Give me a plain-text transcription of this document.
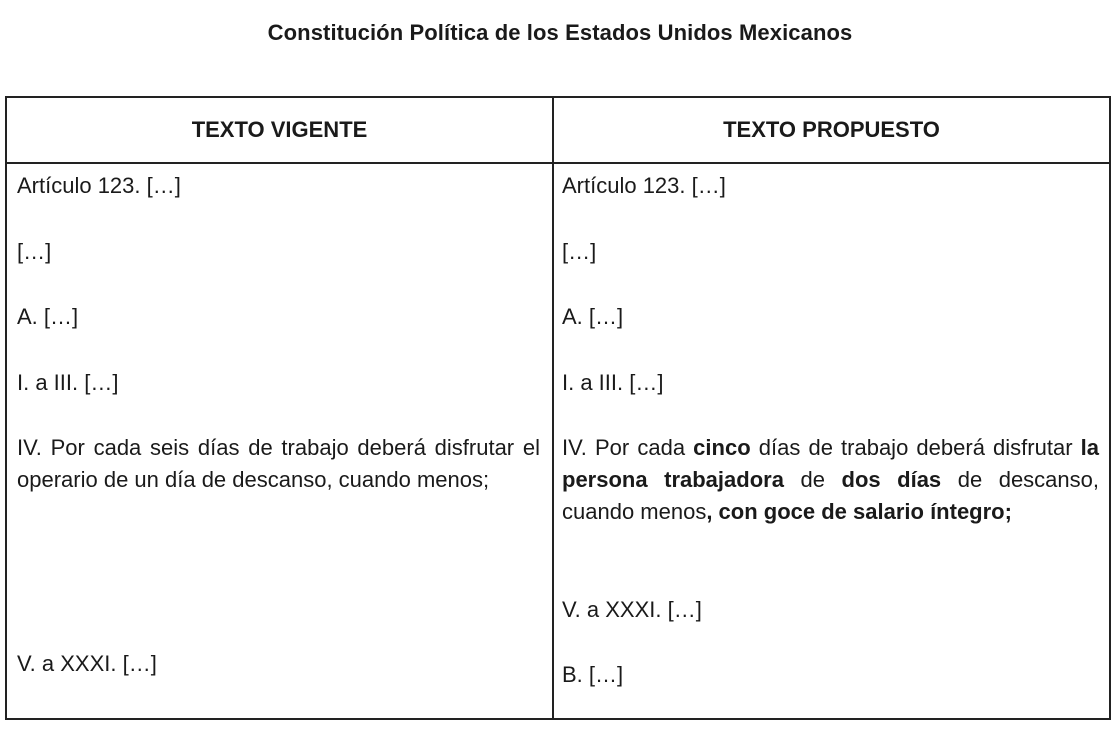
Constitución Política de los Estados Unidos Mexicanos
TEXTO VIGENTE	TEXTO PROPUESTO

Artículo 123. […]

[…]

A. […]

I. a III. […]

IV. Por cada seis días de trabajo deberá disfrutar el operario de un día de descanso, cuando menos;

V. a XXXI. […]

Artículo 123. […]

[…]

A. […]

I. a III. […]

IV. Por cada cinco días de trabajo deberá disfrutar la persona trabajadora de dos días de descanso, cuando menos, con goce de salario íntegro;

V. a XXXI. […]

B. […]
